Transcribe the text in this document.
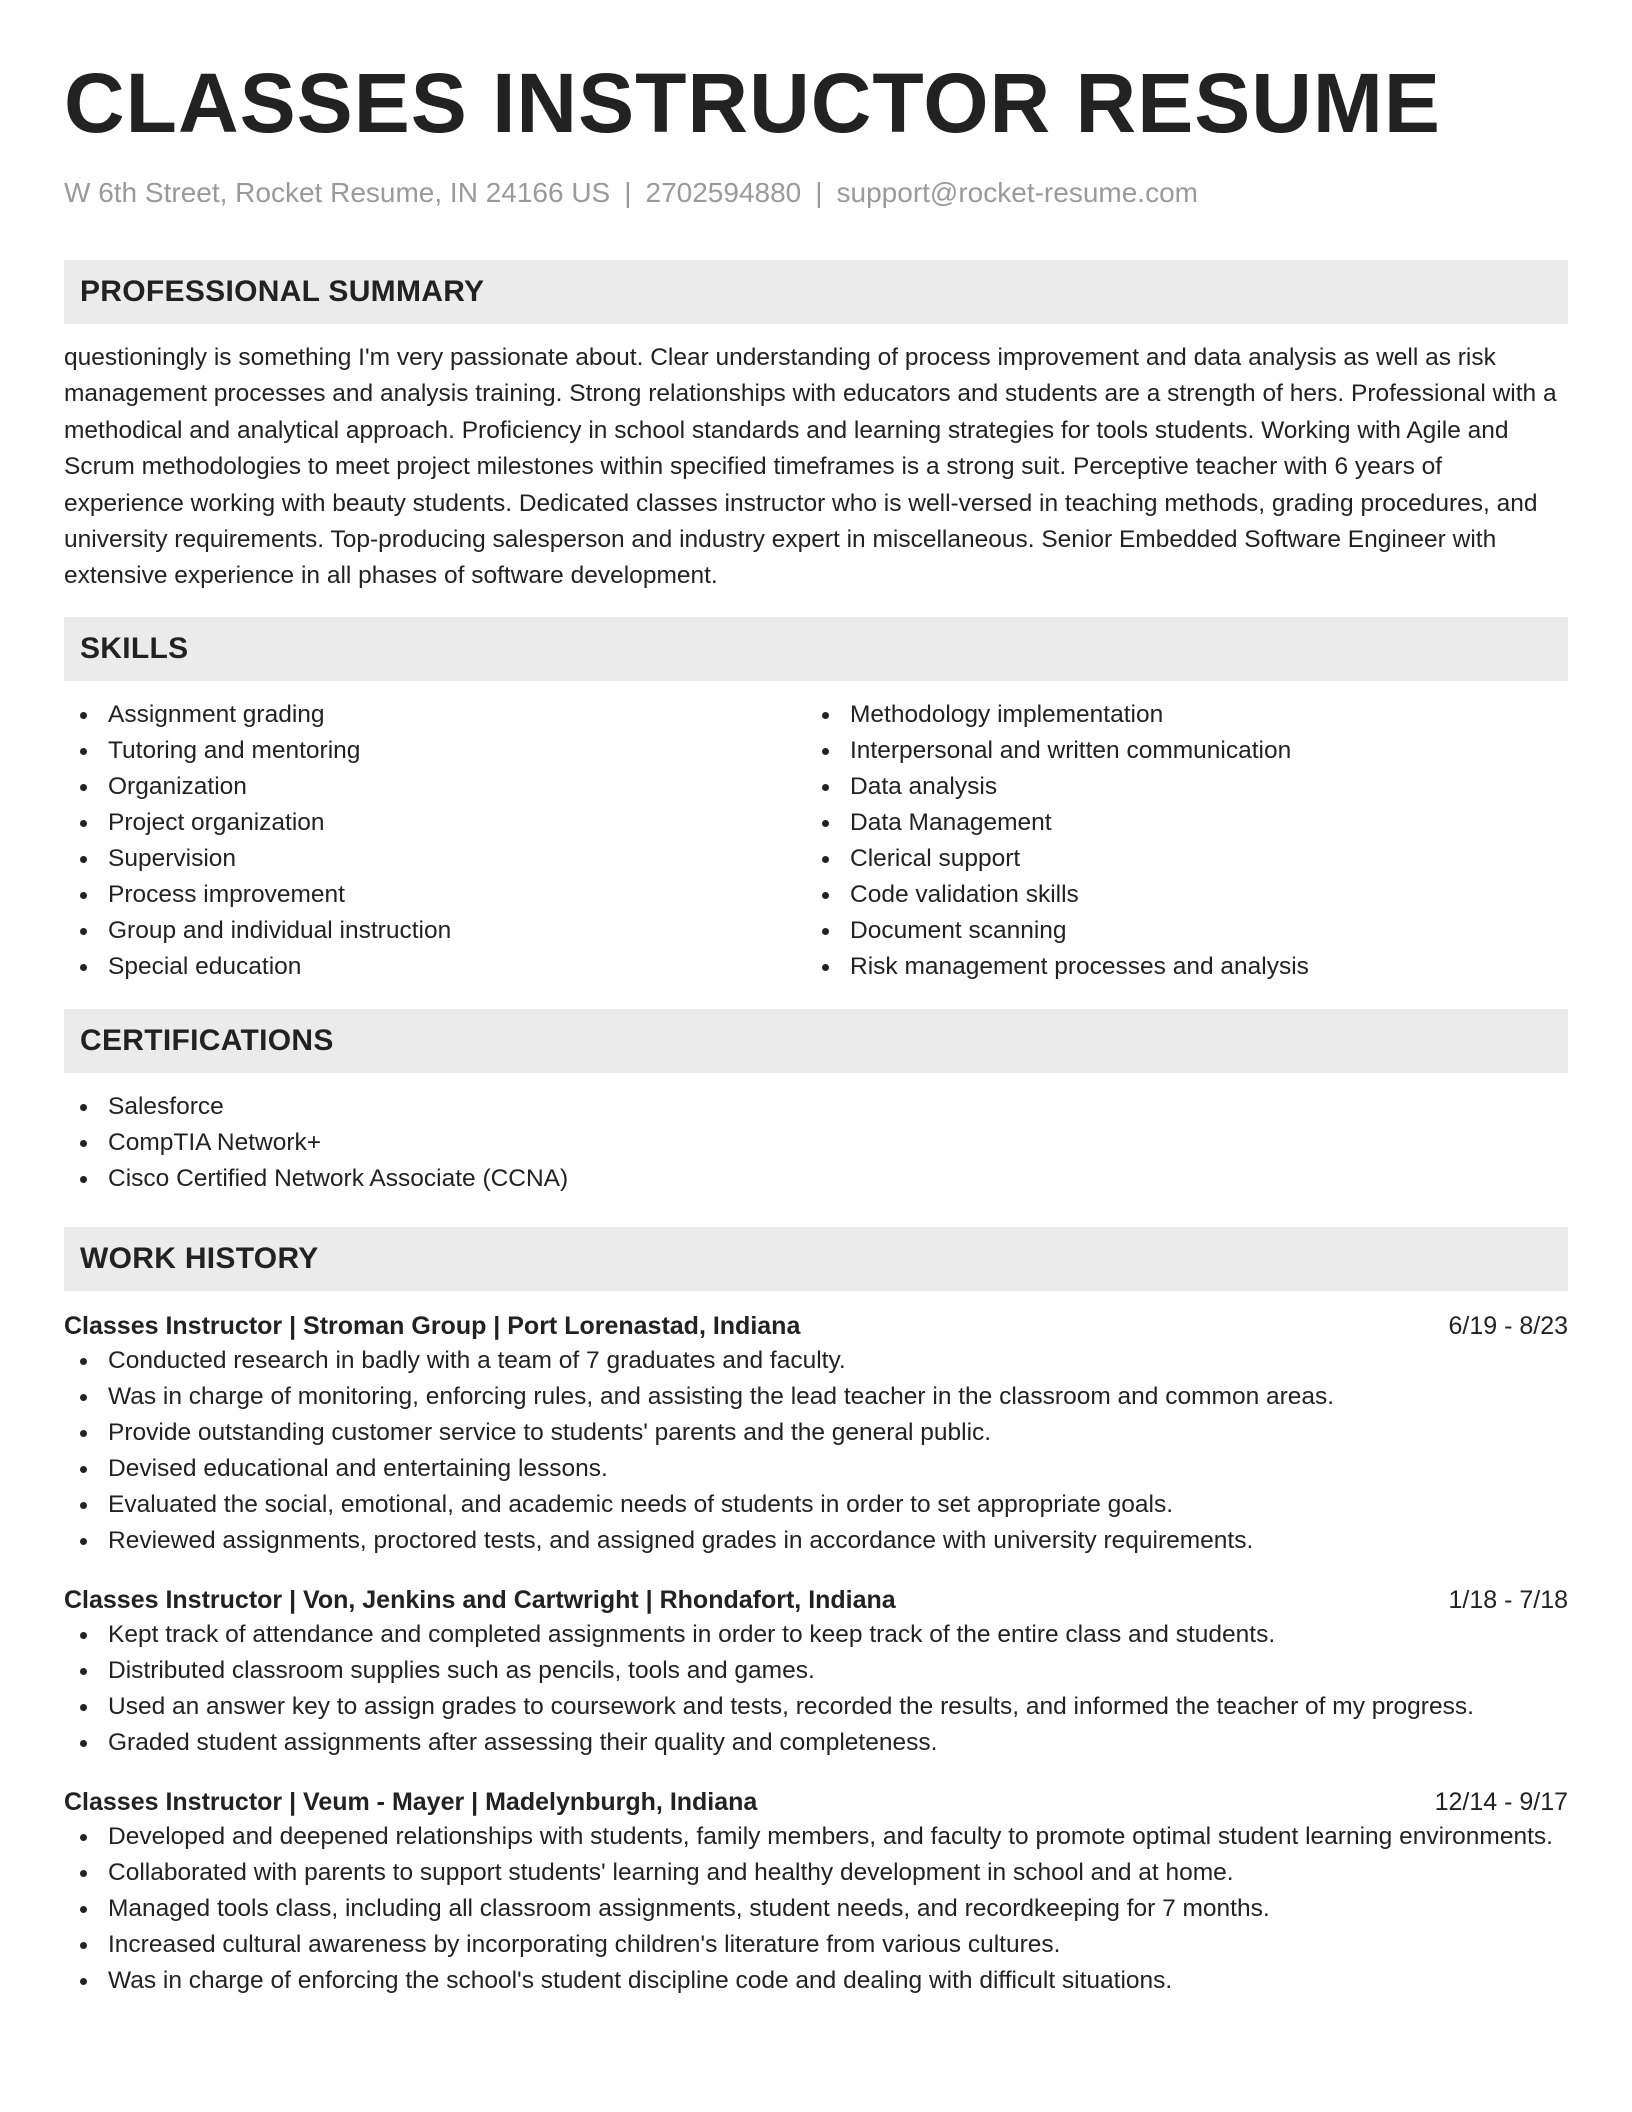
CLASSES INSTRUCTOR RESUME
W 6th Street, Rocket Resume, IN 24166 US | 2702594880 | support@rocket-resume.com
PROFESSIONAL SUMMARY

questioningly is something I'm very passionate about. Clear understanding of process improvement and data analysis as well as risk management processes and analysis training. Strong relationships with educators and students are a strength of hers. Professional with a methodical and analytical approach. Proficiency in school standards and learning strategies for tools students. Working with Agile and Scrum methodologies to meet project milestones within specified timeframes is a strong suit. Perceptive teacher with 6 years of experience working with beauty students. Dedicated classes instructor who is well-versed in teaching methods, grading procedures, and university requirements. Top-producing salesperson and industry expert in miscellaneous. Senior Embedded Software Engineer with extensive experience in all phases of software development.

SKILLS
Assignment grading
Tutoring and mentoring
Organization
Project organization
Supervision
Process improvement
Group and individual instruction
Special education
Methodology implementation
Interpersonal and written communication
Data analysis
Data Management
Clerical support
Code validation skills
Document scanning
Risk management processes and analysis
CERTIFICATIONS
Salesforce
CompTIA Network+
Cisco Certified Network Associate (CCNA)
WORK HISTORY
Classes Instructor | Stroman Group | Port Lorenastad, Indiana	6/19 - 8/23
Conducted research in badly with a team of 7 graduates and faculty.
Was in charge of monitoring, enforcing rules, and assisting the lead teacher in the classroom and common areas.
Provide outstanding customer service to students' parents and the general public.
Devised educational and entertaining lessons.
Evaluated the social, emotional, and academic needs of students in order to set appropriate goals.
Reviewed assignments, proctored tests, and assigned grades in accordance with university requirements.
Classes Instructor | Von, Jenkins and Cartwright | Rhondafort, Indiana	1/18 - 7/18
Kept track of attendance and completed assignments in order to keep track of the entire class and students.
Distributed classroom supplies such as pencils, tools and games.
Used an answer key to assign grades to coursework and tests, recorded the results, and informed the teacher of my progress.
Graded student assignments after assessing their quality and completeness.
Classes Instructor | Veum - Mayer | Madelynburgh, Indiana	12/14 - 9/17
Developed and deepened relationships with students, family members, and faculty to promote optimal student learning environments.
Collaborated with parents to support students' learning and healthy development in school and at home.
Managed tools class, including all classroom assignments, student needs, and recordkeeping for 7 months.
Increased cultural awareness by incorporating children's literature from various cultures.
Was in charge of enforcing the school's student discipline code and dealing with difficult situations.
